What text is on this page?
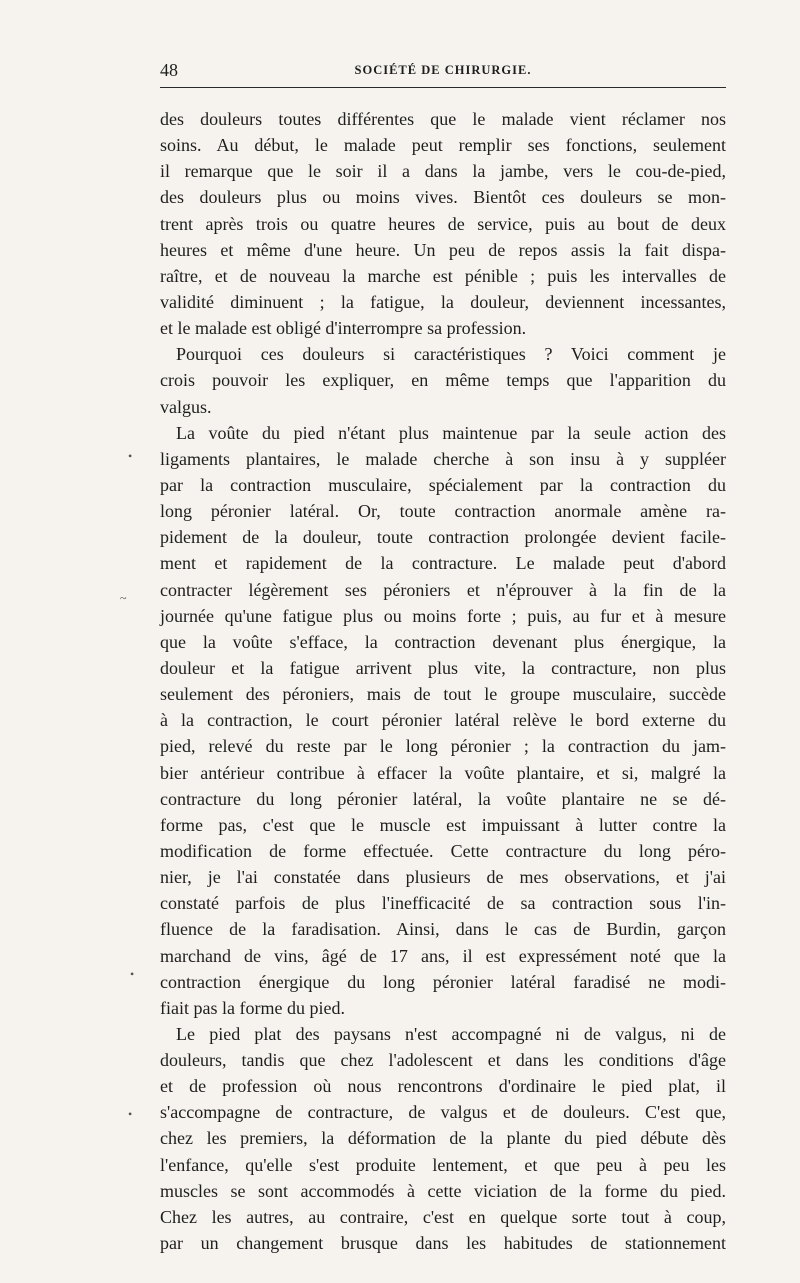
48	SOCIÉTÉ DE CHIRURGIE.
des douleurs toutes différentes que le malade vient réclamer nos
soins. Au début, le malade peut remplir ses fonctions, seulement
il remarque que le soir il a dans la jambe, vers le cou-de-pied,
des douleurs plus ou moins vives. Bientôt ces douleurs se mon-
trent après trois ou quatre heures de service, puis au bout de deux
heures et même d'une heure. Un peu de repos assis la fait dispa-
raître, et de nouveau la marche est pénible ; puis les intervalles de
validité diminuent ; la fatigue, la douleur, deviennent incessantes,
et le malade est obligé d'interrompre sa profession.
Pourquoi ces douleurs si caractéristiques ? Voici comment je
crois pouvoir les expliquer, en même temps que l'apparition du
valgus.
La voûte du pied n'étant plus maintenue par la seule action des
ligaments plantaires, le malade cherche à son insu à y suppléer
par la contraction musculaire, spécialement par la contraction du
long péronier latéral. Or, toute contraction anormale amène ra-
pidement de la douleur, toute contraction prolongée devient facile-
ment et rapidement de la contracture. Le malade peut d'abord
contracter légèrement ses péroniers et n'éprouver à la fin de la
journée qu'une fatigue plus ou moins forte ; puis, au fur et à mesure
que la voûte s'efface, la contraction devenant plus énergique, la
douleur et la fatigue arrivent plus vite, la contracture, non plus
seulement des péroniers, mais de tout le groupe musculaire, succède
à la contraction, le court péronier latéral relève le bord externe du
pied, relevé du reste par le long péronier ; la contraction du jam-
bier antérieur contribue à effacer la voûte plantaire, et si, malgré la
contracture du long péronier latéral, la voûte plantaire ne se dé-
forme pas, c'est que le muscle est impuissant à lutter contre la
modification de forme effectuée. Cette contracture du long péro-
nier, je l'ai constatée dans plusieurs de mes observations, et j'ai
constaté parfois de plus l'inefficacité de sa contraction sous l'in-
fluence de la faradisation. Ainsi, dans le cas de Burdin, garçon
marchand de vins, âgé de 17 ans, il est expressément noté que la
contraction énergique du long péronier latéral faradisé ne modi-
fiait pas la forme du pied.
Le pied plat des paysans n'est accompagné ni de valgus, ni de
douleurs, tandis que chez l'adolescent et dans les conditions d'âge
et de profession où nous rencontrons d'ordinaire le pied plat, il
s'accompagne de contracture, de valgus et de douleurs. C'est que,
chez les premiers, la déformation de la plante du pied débute dès
l'enfance, qu'elle s'est produite lentement, et que peu à peu les
muscles se sont accommodés à cette viciation de la forme du pied.
Chez les autres, au contraire, c'est en quelque sorte tout à coup,
par un changement brusque dans les habitudes de stationnement
•
~
•
•
